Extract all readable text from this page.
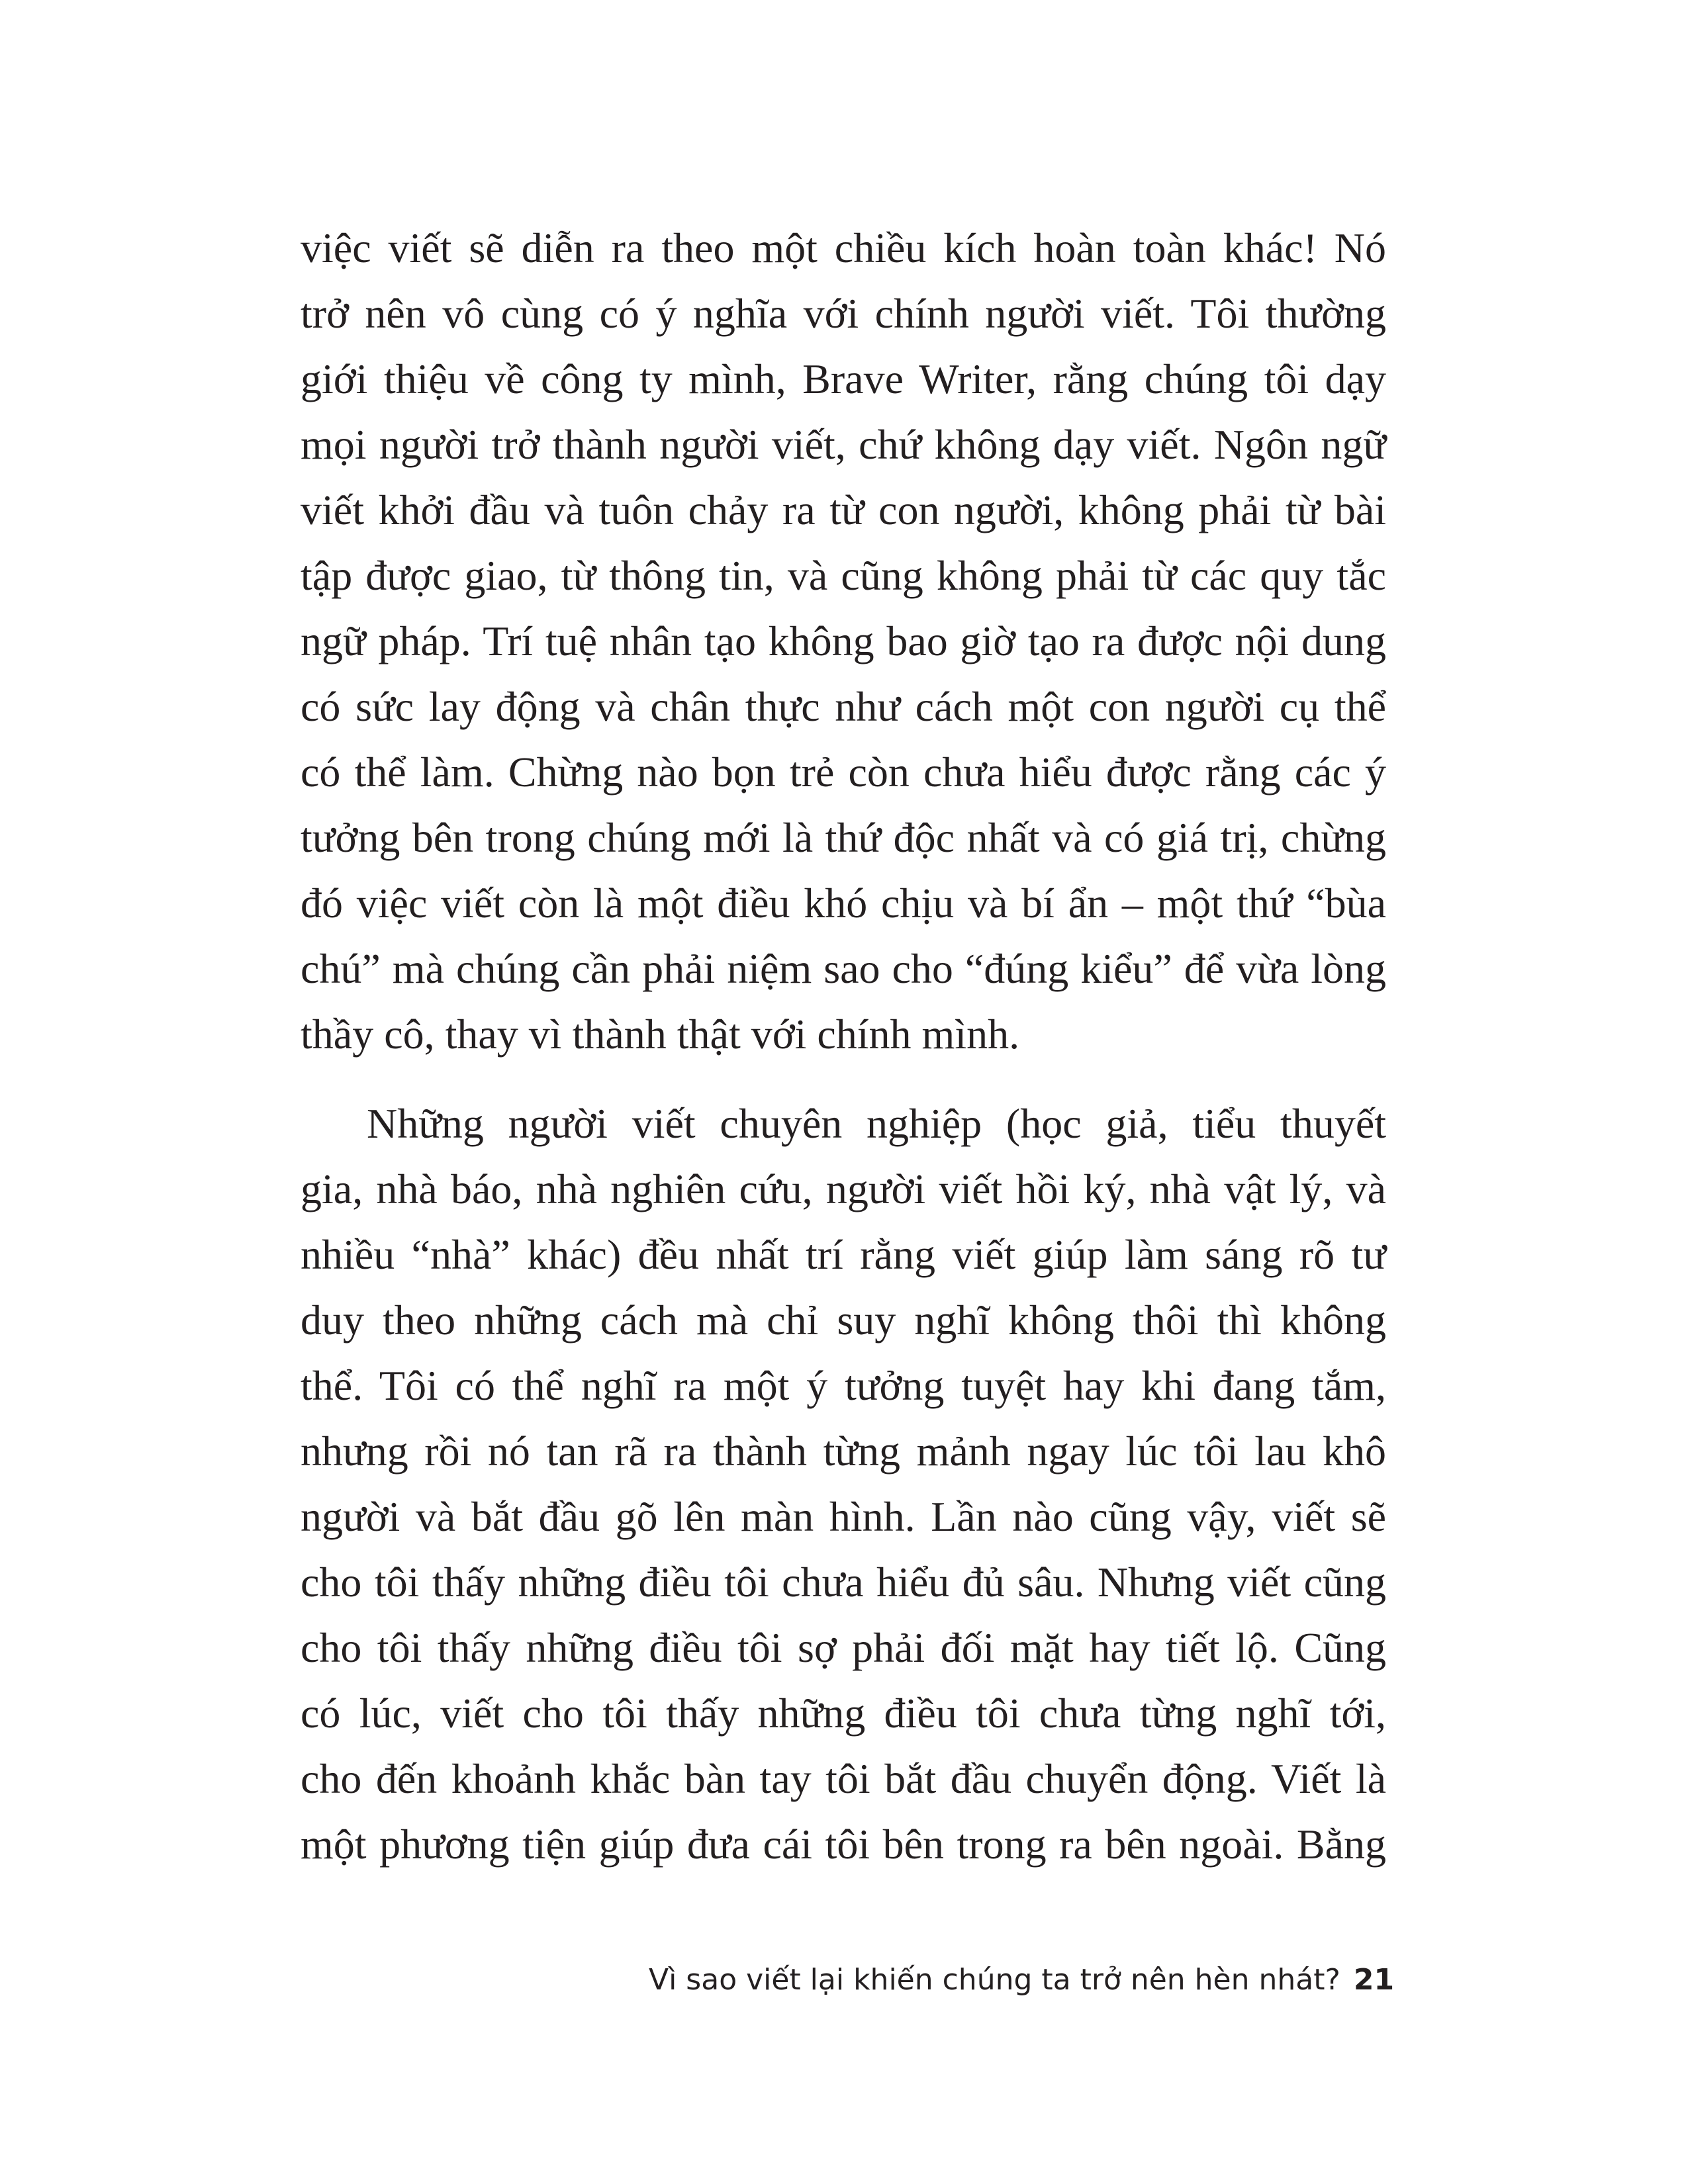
việc viết sẽ diễn ra theo một chiều kích hoàn toàn khác! Nó
trở nên vô cùng có ý nghĩa với chính người viết. Tôi thường
giới thiệu về công ty mình, Brave Writer, rằng chúng tôi dạy
mọi người trở thành người viết, chứ không dạy viết. Ngôn ngữ
viết khởi đầu và tuôn chảy ra từ con người, không phải từ bài
tập được giao, từ thông tin, và cũng không phải từ các quy tắc
ngữ pháp. Trí tuệ nhân tạo không bao giờ tạo ra được nội dung
có sức lay động và chân thực như cách một con người cụ thể
có thể làm. Chừng nào bọn trẻ còn chưa hiểu được rằng các ý
tưởng bên trong chúng mới là thứ độc nhất và có giá trị, chừng
đó việc viết còn là một điều khó chịu và bí ẩn – một thứ “bùa
chú” mà chúng cần phải niệm sao cho “đúng kiểu” để vừa lòng
thầy cô, thay vì thành thật với chính mình.
Những người viết chuyên nghiệp (học giả, tiểu thuyết
gia, nhà báo, nhà nghiên cứu, người viết hồi ký, nhà vật lý, và
nhiều “nhà” khác) đều nhất trí rằng viết giúp làm sáng rõ tư
duy theo những cách mà chỉ suy nghĩ không thôi thì không
thể. Tôi có thể nghĩ ra một ý tưởng tuyệt hay khi đang tắm,
nhưng rồi nó tan rã ra thành từng mảnh ngay lúc tôi lau khô
người và bắt đầu gõ lên màn hình. Lần nào cũng vậy, viết sẽ
cho tôi thấy những điều tôi chưa hiểu đủ sâu. Nhưng viết cũng
cho tôi thấy những điều tôi sợ phải đối mặt hay tiết lộ. Cũng
có lúc, viết cho tôi thấy những điều tôi chưa từng nghĩ tới,
cho đến khoảnh khắc bàn tay tôi bắt đầu chuyển động. Viết là
một phương tiện giúp đưa cái tôi bên trong ra bên ngoài. Bằng
Vì sao viết lại khiến chúng ta trở nên hèn nhát? 21
